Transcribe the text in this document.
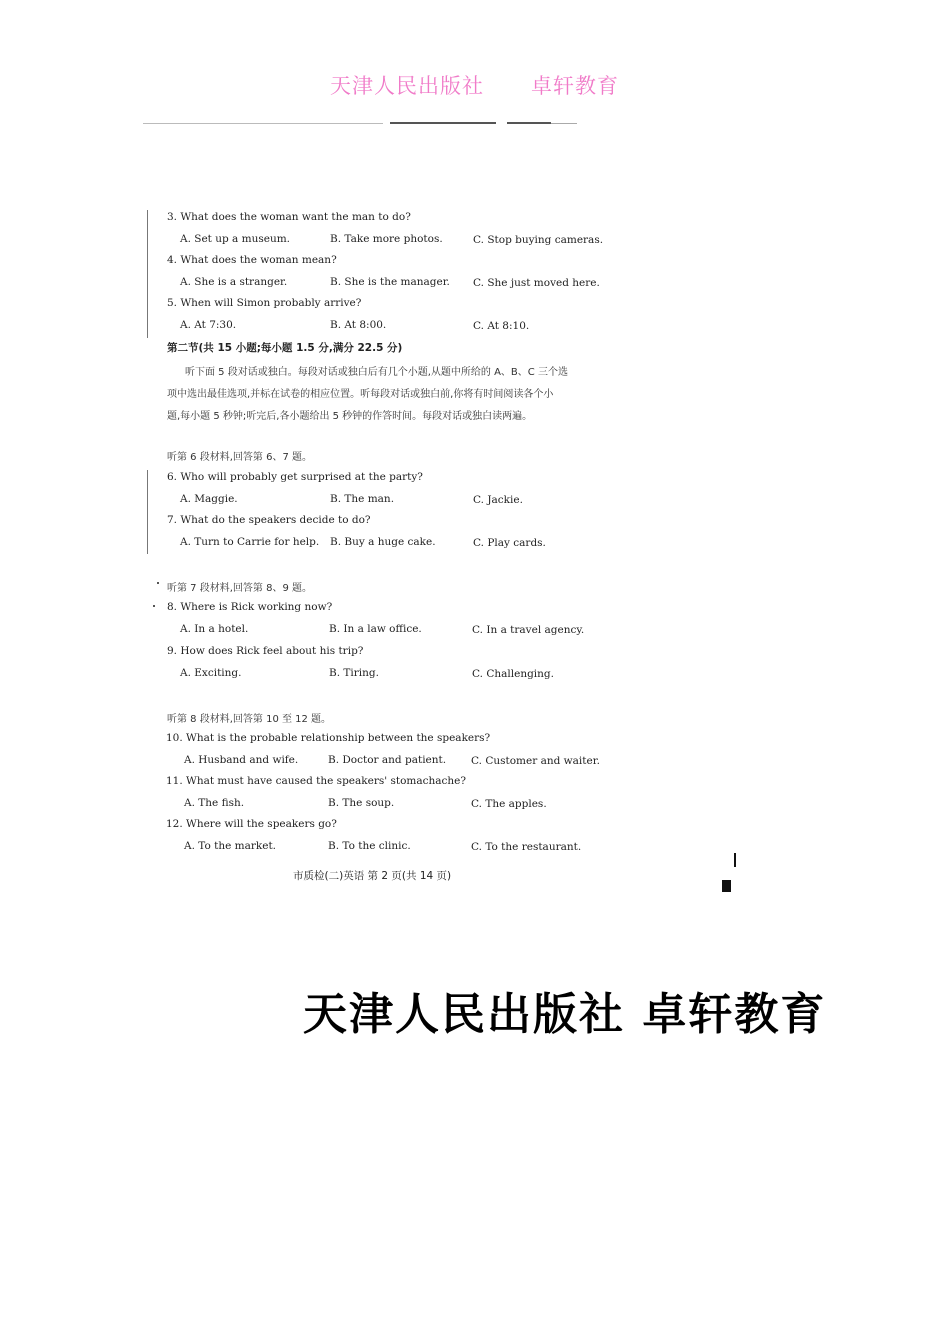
天津人民出版社 卓轩教育
3. What does the woman want the man to do?
A. Set up a museum.	B. Take more photos.	C. Stop buying cameras.
4. What does the woman mean?
A. She is a stranger.	B. She is the manager. C. She just moved here.
5. When will Simon probably arrive?
A. At 7:30.	B. At 8:00.	C. At 8:10.
第二节(共 15 小题;每小题 1.5 分,满分 22.5 分)
听下面 5 段对话或独白。每段对话或独白后有几个小题,从题中所给的 A、B、C 三个选
项中选出最佳选项,并标在试卷的相应位置。听每段对话或独白前,你将有时间阅读各个小
题,每小题 5 秒钟;听完后,各小题给出 5 秒钟的作答时间。每段对话或独白读两遍。
听第 6 段材料,回答第 6、7 题。
6. Who will probably get surprised at the party?
A. Maggie.	B. The man.	C. Jackie.
7. What do the speakers decide to do?
A. Turn to Carrie for help. B. Buy a huge cake.	C. Play cards.
听第 7 段材料,回答第 8、9 题。
8. Where is Rick working now?
A. In a hotel.	B. In a law office.	C. In a travel agency.
9. How does Rick feel about his trip?
A. Exciting.	B. Tiring.	C. Challenging.
听第 8 段材料,回答第 10 至 12 题。
10. What is the probable relationship between the speakers?
A. Husband and wife.	B. Doctor and patient. C. Customer and waiter.
11. What must have caused the speakers' stomachache?
A. The fish.	B. The soup.	C. The apples.
12. Where will the speakers go?
A. To the market.	B. To the clinic.	C. To the restaurant.
市质检(二)英语 第 2 页(共 14 页)
天津人民出版社 卓轩教育
